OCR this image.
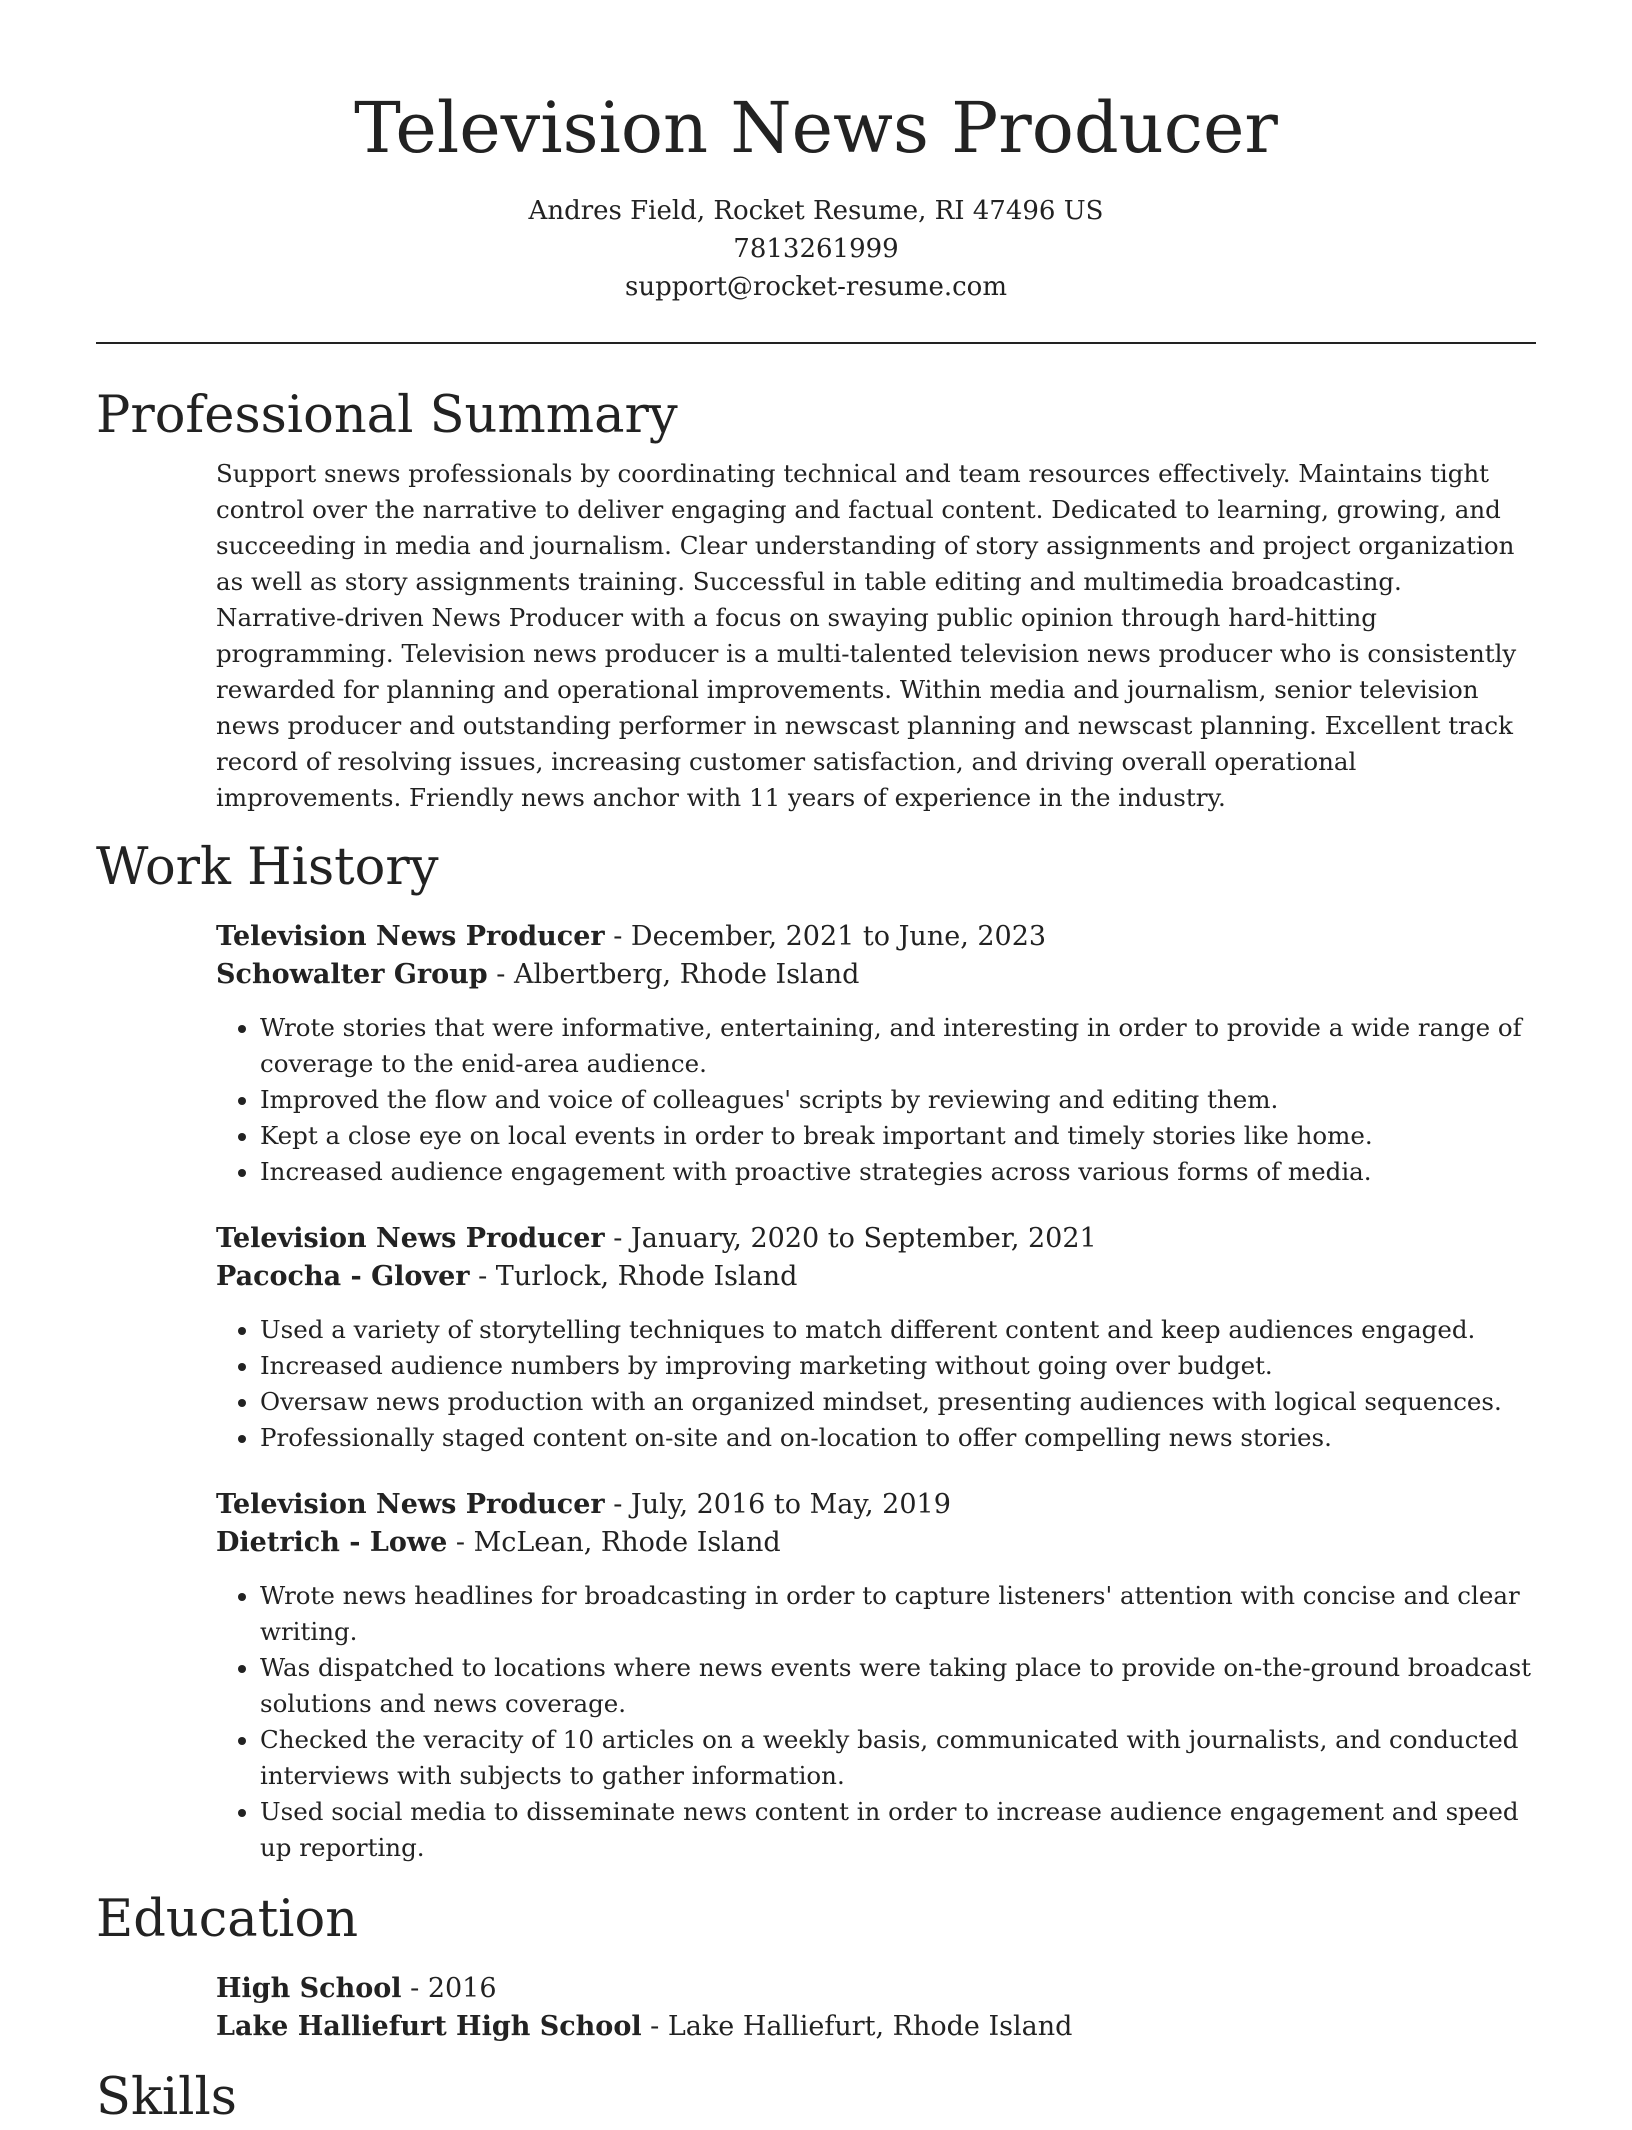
Television News Producer

Andres Field, Rocket Resume, RI 47496 US

7813261999

support@rocket-resume.com

Professional Summary

Support snews professionals by coordinating technical and team resources effectively. Maintains tight control over the narrative to deliver engaging and factual content. Dedicated to learning, growing, and succeeding in media and journalism. Clear understanding of story assignments and project organization as well as story assignments training. Successful in table editing and multimedia broadcasting. Narrative-driven News Producer with a focus on swaying public opinion through hard-hitting programming. Television news producer is a multi-talented television news producer who is consistently rewarded for planning and operational improvements. Within media and journalism, senior television news producer and outstanding performer in newscast planning and newscast planning. Excellent track record of resolving issues, increasing customer satisfaction, and driving overall operational improvements. Friendly news anchor with 11 years of experience in the industry.

Work History

Television News Producer - December, 2021 to June, 2023

Schowalter Group - Albertberg, Rhode Island

• Wrote stories that were informative, entertaining, and interesting in order to provide a wide range of coverage to the enid-area audience.
• Improved the flow and voice of colleagues' scripts by reviewing and editing them.
• Kept a close eye on local events in order to break important and timely stories like home.
• Increased audience engagement with proactive strategies across various forms of media.

Television News Producer - January, 2020 to September, 2021

Pacocha - Glover - Turlock, Rhode Island

• Used a variety of storytelling techniques to match different content and keep audiences engaged.
• Increased audience numbers by improving marketing without going over budget.
• Oversaw news production with an organized mindset, presenting audiences with logical sequences.
• Professionally staged content on-site and on-location to offer compelling news stories.

Television News Producer - July, 2016 to May, 2019

Dietrich - Lowe - McLean, Rhode Island

• Wrote news headlines for broadcasting in order to capture listeners' attention with concise and clear writing.
• Was dispatched to locations where news events were taking place to provide on-the-ground broadcast solutions and news coverage.
• Checked the veracity of 10 articles on a weekly basis, communicated with journalists, and conducted interviews with subjects to gather information.
• Used social media to disseminate news content in order to increase audience engagement and speed up reporting.
Education

High School - 2016

Lake Halliefurt High School - Lake Halliefurt, Rhode Island

Skills
